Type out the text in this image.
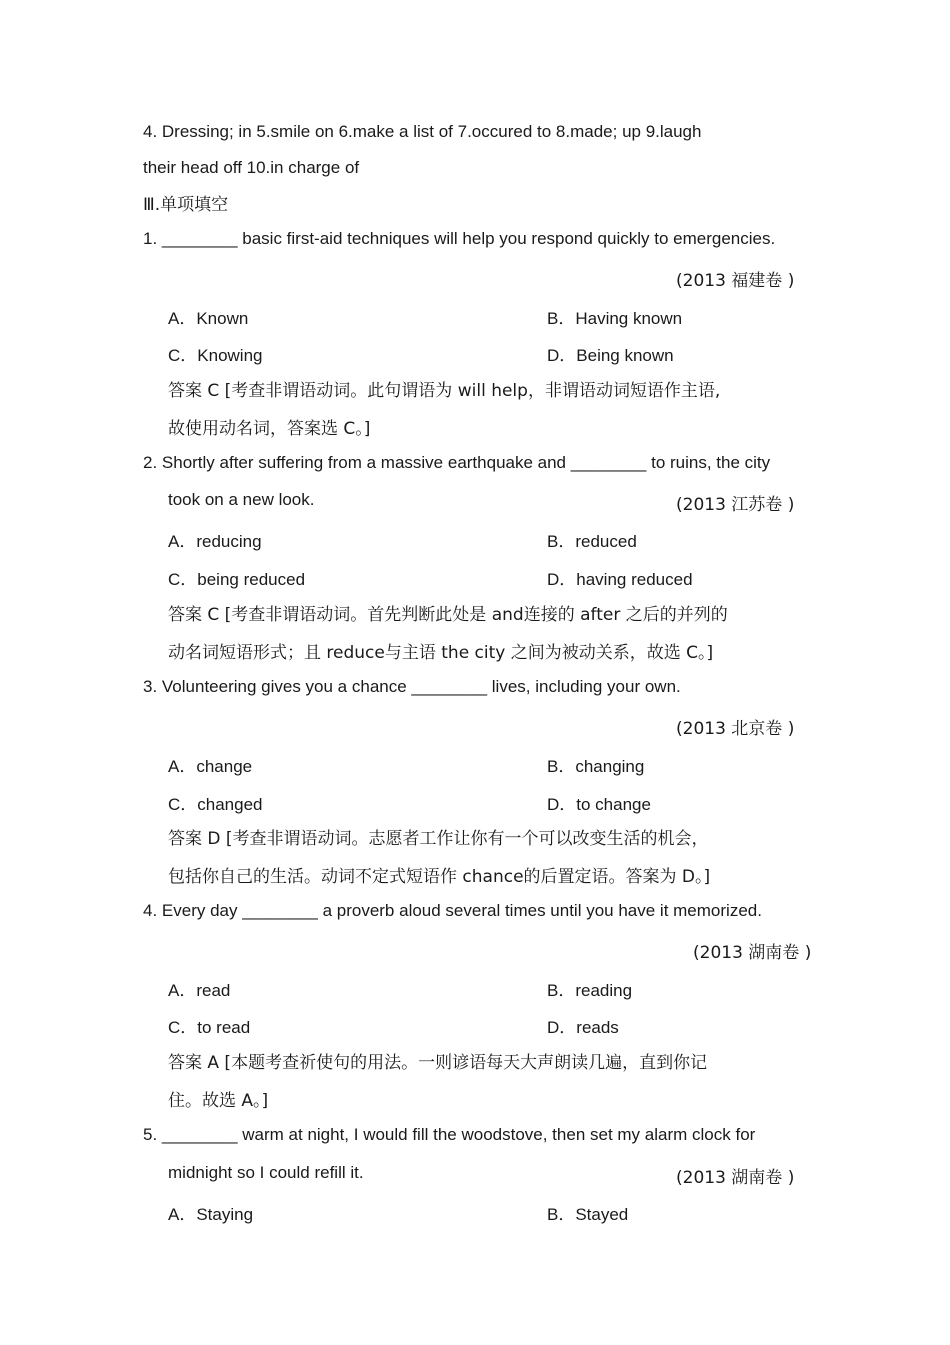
4. Dressing; in 5.smile on 6.make a list of 7.occured to 8.made; up 9.laugh
their head off 10.in charge of
Ⅲ.单项填空
1. ________ basic first-aid techniques will help you respond quickly to emergencies.
(2013 福建卷 )
A．Known	B．Having known
C．Knowing	D．Being known
答案 C [考查非谓语动词。此句谓语为 will help，非谓语动词短语作主语,
故使用动名词，答案选 C。]
2. Shortly after suffering from a massive earthquake and ________ to ruins, the city
took on a new look.	(2013 江苏卷 )
A．reducing	B．reduced
C．being reduced	D．having reduced
答案 C [考查非谓语动词。首先判断此处是 and连接的 after 之后的并列的
动名词短语形式；且 reduce与主语 the city 之间为被动关系，故选 C。]
3. Volunteering gives you a chance ________ lives, including your own.
(2013 北京卷 )
A．change	B．changing
C．changed	D．to change
答案 D [考查非谓语动词。志愿者工作让你有一个可以改变生活的机会，
包括你自己的生活。动词不定式短语作 chance的后置定语。答案为 D。]
4. Every day ________ a proverb aloud several times until you have it memorized.
(2013 湖南卷 )
A．read	B．reading
C．to read	D．reads
答案 A [本题考查祈使句的用法。一则谚语每天大声朗读几遍，直到你记
住。故选 A。]
5. ________ warm at night, I would fill the woodstove, then set my alarm clock for
midnight so I could refill it.	(2013 湖南卷 )
A．Staying	B．Stayed
